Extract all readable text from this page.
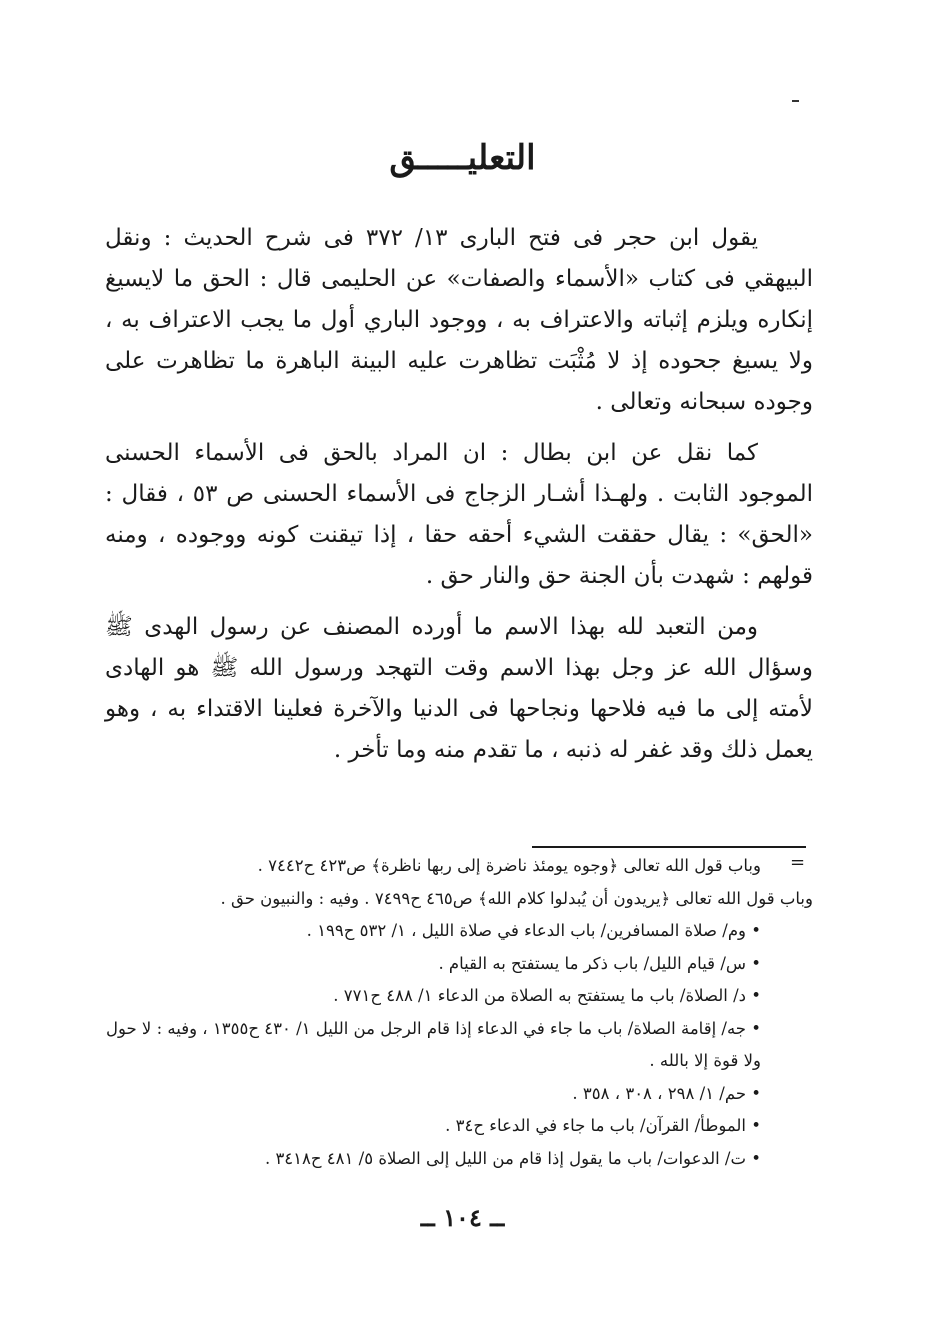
التعليـــــق

يقول ابن حجر فى فتح البارى ١٣/ ٣٧٢ فى شرح الحديث : ونقل البيهقي فى كتاب «الأسماء والصفات» عن الحليمى قال : الحق ما لايسيغ إنكاره ويلزم إثباته والاعتراف به ، ووجود الباري أول ما يجب الاعتراف به ، ولا يسيغ جحوده إذ لا مُثْبَت تظاهرت عليه البينة الباهرة ما تظاهرت على وجوده سبحانه وتعالى .

كما نقل عن ابن بطال : ان المراد بالحق فى الأسماء الحسنى الموجود الثابت . ولهـذا أشـار الزجاج فى الأسماء الحسنى ص ٥٣ ، فقال : «الحق» : يقال حققت الشيء أحقه حقا ، إذا تيقنت كونه ووجوده ، ومنه قولهم : شهدت بأن الجنة حق والنار حق .

ومن التعبد لله بهذا الاسم ما أورده المصنف عن رسول الهدى ﷺ وسؤال الله عز وجل بهذا الاسم وقت التهجد ورسول الله ﷺ هو الهادى لأمته إلى ما فيه فلاحها ونجاحها فى الدنيا والآخرة فعلينا الاقتداء به ، وهو يعمل ذلك وقد غفر له ذنبه ، ما تقدم منه وما تأخر .

=

وباب قول الله تعالى ﴿وجوه يومئذ ناضرة إلى ربها ناظرة﴾ ص٤٢٣ ح٧٤٤٢ .

وباب قول الله تعالى ﴿يريدون أن يُبدلوا كلام الله﴾ ص٤٦٥ ح٧٤٩٩ . وفيه : والنبيون حق .

• وم/ صلاة المسافرين/ باب الدعاء في صلاة الليل ، ١/ ٥٣٢ ح١٩٩ .

• س/ قيام الليل/ باب ذكر ما يستفتح به القيام .

• د/ الصلاة/ باب ما يستفتح به الصلاة من الدعاء ١/ ٤٨٨ ح٧٧١ .

• جه/ إقامة الصلاة/ باب ما جاء في الدعاء إذا قام الرجل من الليل ١/ ٤٣٠ ح١٣٥٥ ، وفيه : لا حول ولا قوة إلا بالله .

• حم/ ١/ ٢٩٨ ، ٣٠٨ ، ٣٥٨ .

• الموطأ/ القرآن/ باب ما جاء في الدعاء ح٣٤ .

• ت/ الدعوات/ باب ما يقول إذا قام من الليل إلى الصلاة ٥/ ٤٨١ ح٣٤١٨ .

ــ ١٠٤ ــ
